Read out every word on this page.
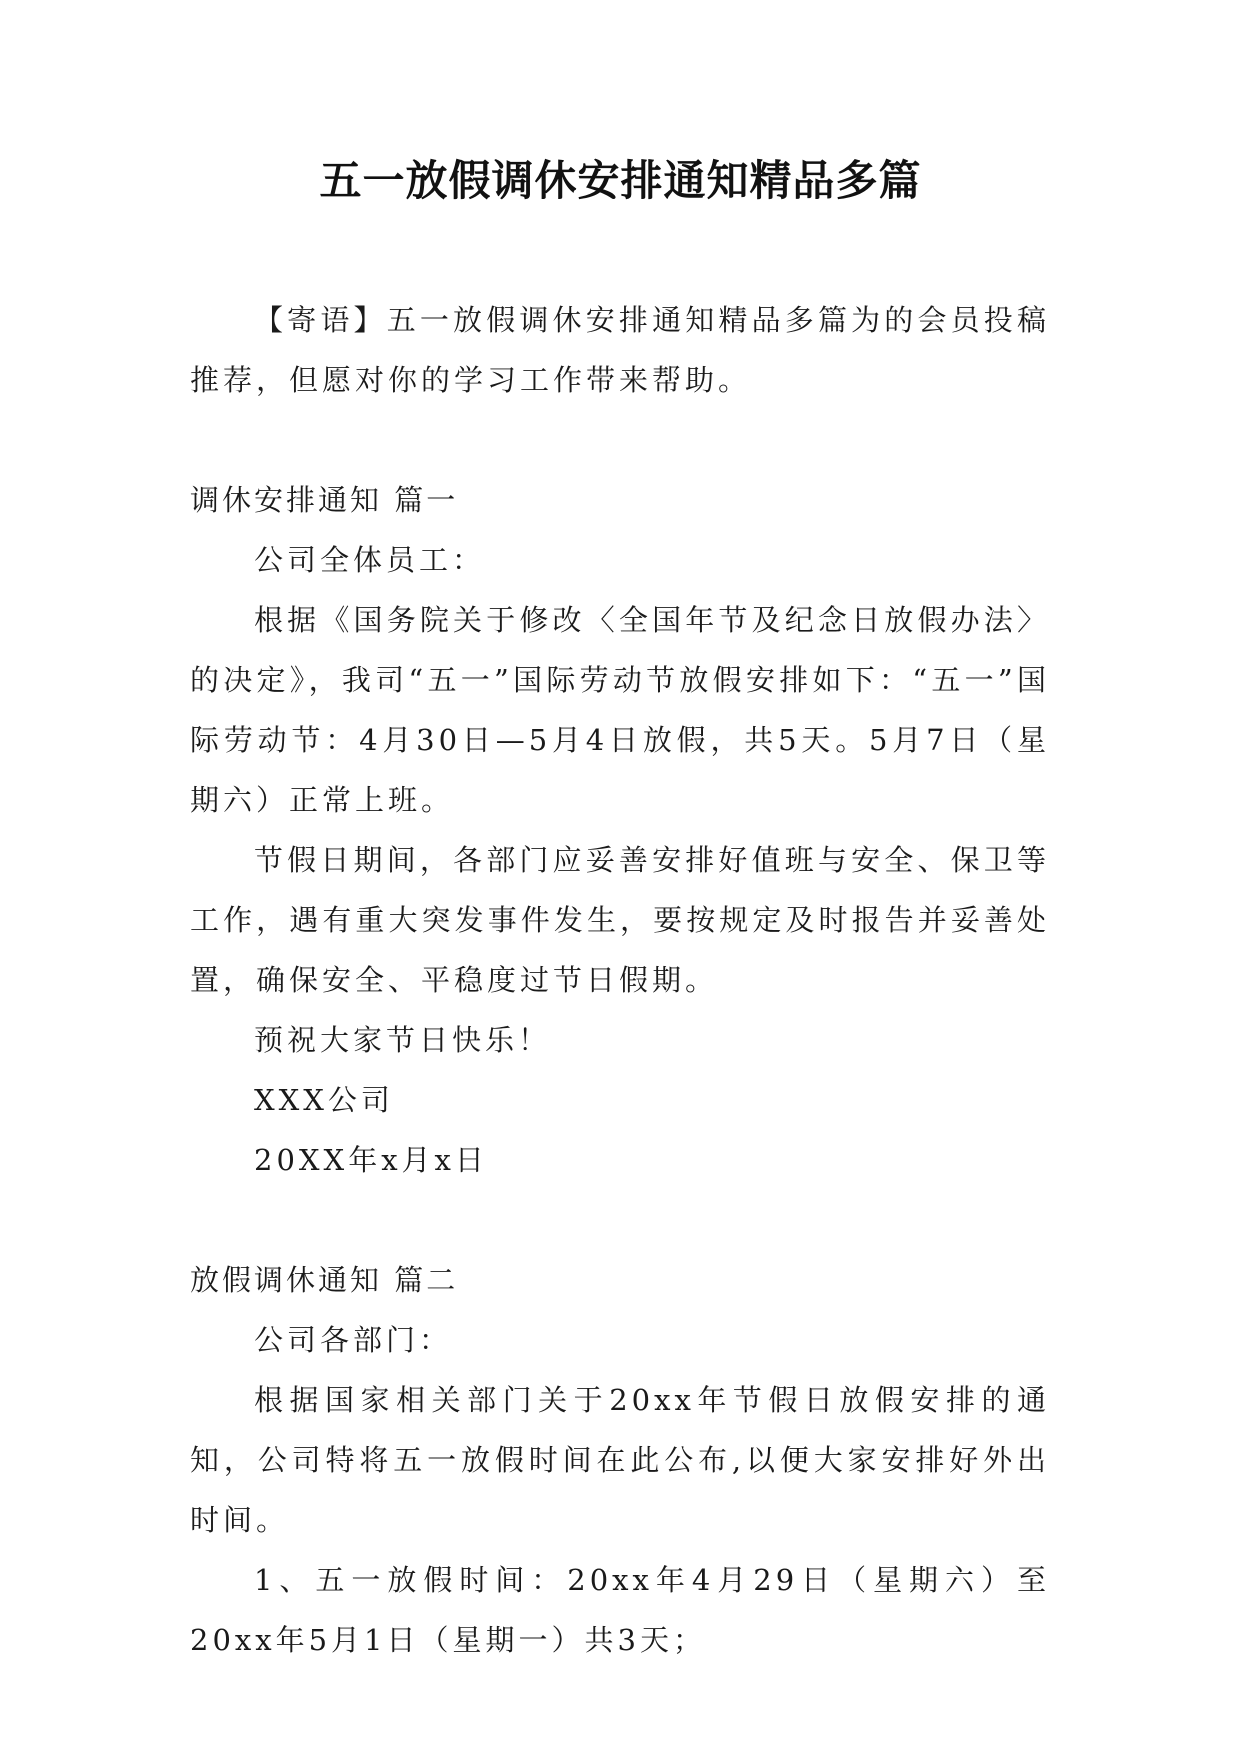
五一放假调休安排通知精品多篇

【寄语】五一放假调休安排通知精品多篇为的会员投稿推荐，但愿对你的学习工作带来帮助。

调休安排通知 篇一

公司全体员工：

根据《国务院关于修改〈全国年节及纪念日放假办法〉的决定》，我司“五一”国际劳动节放假安排如下：“五一”国际劳动节：4月30日—5月4日放假，共5天。5月7日（星期六）正常上班。

节假日期间，各部门应妥善安排好值班与安全、保卫等工作，遇有重大突发事件发生，要按规定及时报告并妥善处置，确保安全、平稳度过节日假期。

预祝大家节日快乐！

XXX公司

20XX年x月x日

放假调休通知 篇二

公司各部门：

根据国家相关部门关于20xx年节假日放假安排的通知，公司特将五一放假时间在此公布,以便大家安排好外出时间。

1、五一放假时间：20xx年4月29日（星期六）至20xx年5月1日（星期一）共3天；
